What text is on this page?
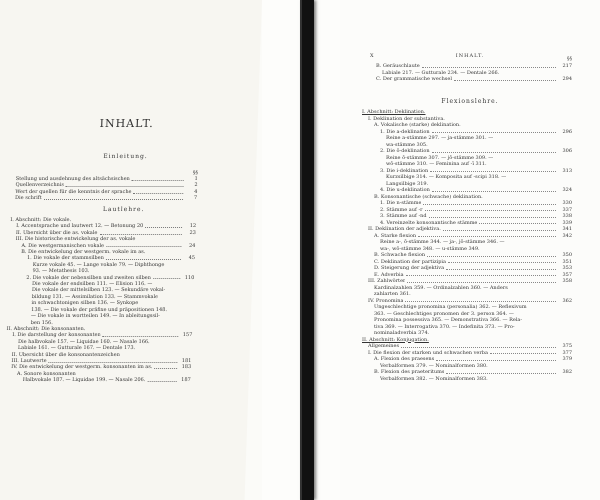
INHALT.
Einleitung.
§§
Stellung und ausdehnung des altsächsischen	1
Quellenverzeichnis	2
Wert der quellen für die kenntnis der sprache	4
Die schrift	7
Lautlehre.
I. Abschnitt: Die vokale.
I. Accentsprache und lautwert 12. — Betonung 20	12
II. Übersicht über die as. vokale	23
III. Die historische entwickelung der as. vokale
A. Die westgermanischen vokale	24
B. Die entwickelung der westgerm. vokale im as.
1. Die vokale der stammsilben	45
Kurze vokale 45. — Lange vokale 79. — Diphthonge
93. — Metathesis 103.
2. Die vokale der nebensilben und zweiten silben	110
Die vokale der endsilben 111. — Elision 116. —
Die vokale der mittelsilben 123. — Sekundäre vokal-
bildung 131. — Assimilation 133. — Stammvokale
in schwachtonigen silben 136. — Synkope
138. — Die vokale der präfixe und präpositionen 148.
— Die vokale in wortteilen 149. — In ableitungssil-
ben 156.
II. Abschnitt: Die konsonanten.
I. Die darstellung der konsonanten	157
Die halbvokale 157. — Liquidae 160. — Nasale 166.
Labiale 161. — Gutturale 167. — Dentale 173.
II. Übersicht über die konsonantenzeichen
III. Lautwerte	181
IV. Die entwickelung der westgerm. konsonanten im as.	183
A. Sonore konsonanten
Halbvokale 187. — Liquidae 199. — Nasale 206.	187
X	INHALT.	§§
B. Geräuschlaute	217
Labiale 217. — Gutturale 234. — Dentale 266.
C. Der grammatische wechsel	294
Flexionslehre.
I. Abschnitt: Deklination.
I. Deklination der substantiva.
A. Vokalische (starke) deklination.
1. Die a-deklination	296
Reine a-stämme 297. — ja-stämme 301. —
wa-stämme 305.
2. Die ō-deklination	306
Reine ō-stämme 307. — jō-stämme 309. —
wō-stämme 310. — Feminina auf -ī 311.
3. Die i-deklination	313
Kurzsilbige 314. — Komposita auf -scipi 318. —
Langsilbige 319.
4. Die u-deklination	324
B. Konsonantische (schwache) deklination.
1. Die n-stämme	330
2. Stämme auf -r	337
3. Stämme auf -nd	338
4. Vereinzelte konsonantische stämme	339
II. Deklination der adjektiva.	341
A. Starke flexion	342
Reine a-, ō-stämme 344. — ja-, jō-stämme 346. —
wa-, wō-stämme 348. — u-stämme 349.
B. Schwache flexion	350
C. Deklination der partizipia	351
D. Steigerung der adjektiva	353
E. Adverbia	357
III. Zahlwörter	358
Kardinalzahlen 359. — Ordinalzahlen 360. — Anders
zahlarten 361.
IV. Pronomina	362
Ungeschlechtige pronomina (personalia) 362. — Reflexivum
363. — Geschlechtiges pronomen der 3. person 364. —
Pronomina possessiva 365. — Demonstrativa 366. — Rela-
tiva 369. — Interrogativa 370. — Indefinita 373. — Pro-
nominaladverbia 374.
II. Abschnitt: Konjugation.
Allgemeines	375
I. Die flexion der starken und schwachen verba	377
A. Flexion des praesens	379
Verbalformen 379. — Nominalformen 380.
B. Flexion des praeteritums	382
Verbalformen 382. — Nominalformen 383.
